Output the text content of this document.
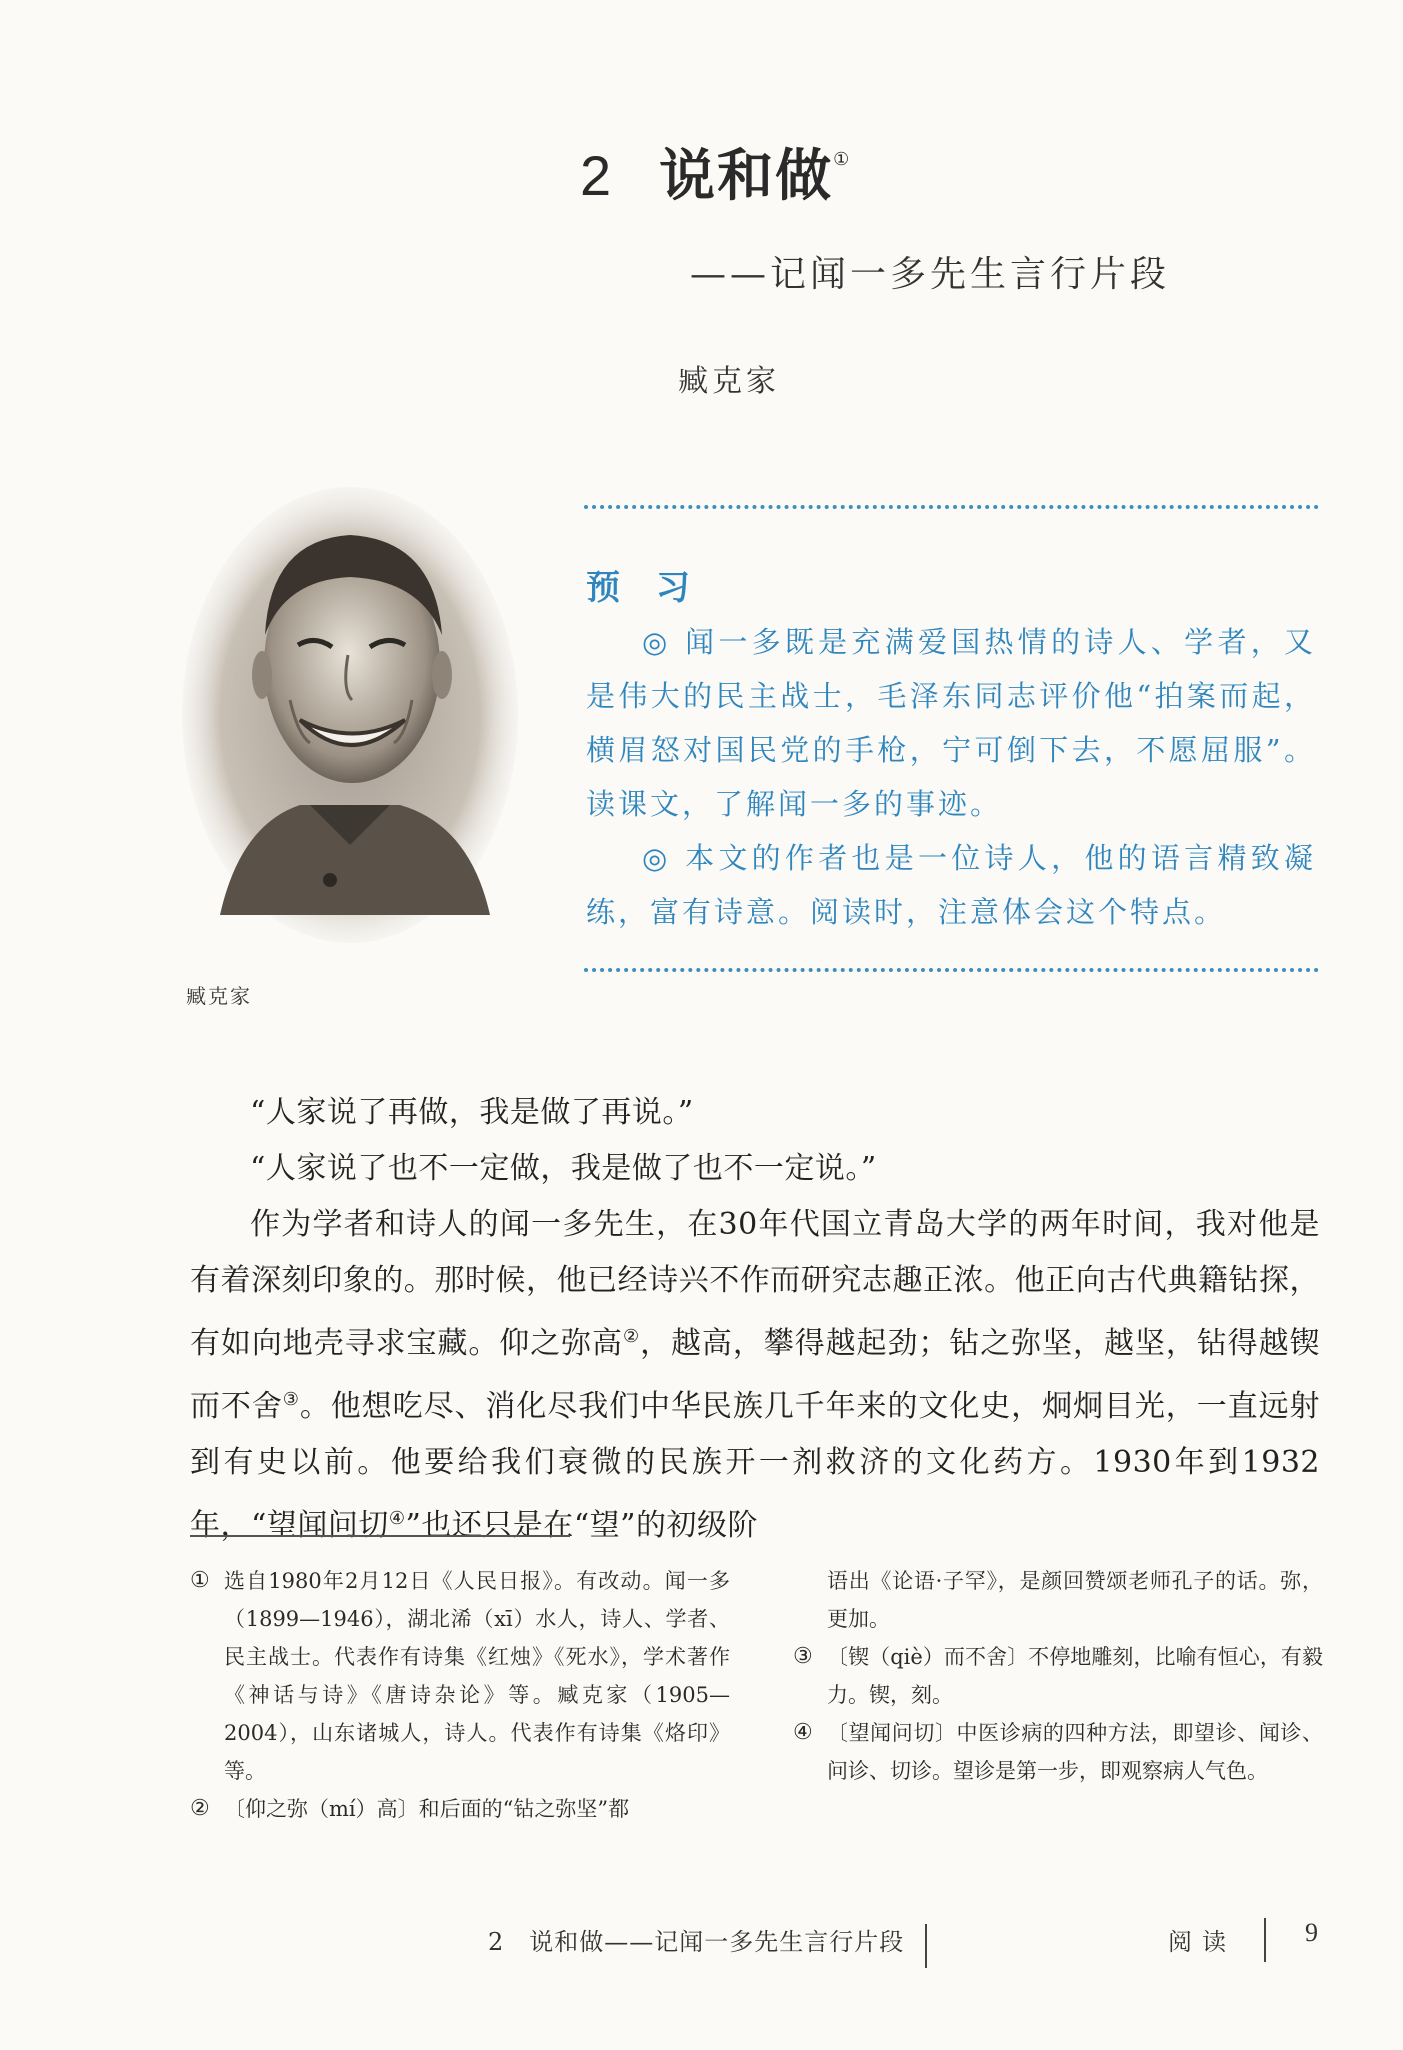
2 说和做①
——记闻一多先生言行片段
臧克家
臧克家
预 习

◎ 闻一多既是充满爱国热情的诗人、学者，又是伟大的民主战士，毛泽东同志评价他“拍案而起，横眉怒对国民党的手枪，宁可倒下去，不愿屈服”。读课文，了解闻一多的事迹。

◎ 本文的作者也是一位诗人，他的语言精致凝练，富有诗意。阅读时，注意体会这个特点。

“人家说了再做，我是做了再说。”

“人家说了也不一定做，我是做了也不一定说。”

作为学者和诗人的闻一多先生，在30年代国立青岛大学的两年时间，我对他是有着深刻印象的。那时候，他已经诗兴不作而研究志趣正浓。他正向古代典籍钻探，有如向地壳寻求宝藏。仰之弥高②，越高，攀得越起劲；钻之弥坚，越坚，钻得越锲而不舍③。他想吃尽、消化尽我们中华民族几千年来的文化史，炯炯目光，一直远射到有史以前。他要给我们衰微的民族开一剂救济的文化药方。1930年到1932年，“望闻问切④”也还只是在“望”的初级阶

① 选自1980年2月12日《人民日报》。有改动。闻一多（1899—1946），湖北浠（xī）水人，诗人、学者、民主战士。代表作有诗集《红烛》《死水》，学术著作《神话与诗》《唐诗杂论》等。臧克家（1905—2004），山东诸城人，诗人。代表作有诗集《烙印》等。
② 〔仰之弥（mí）高〕和后面的“钻之弥坚”都
语出《论语·子罕》，是颜回赞颂老师孔子的话。弥，更加。
③ 〔锲（qiè）而不舍〕不停地雕刻，比喻有恒心，有毅力。锲，刻。
④ 〔望闻问切〕中医诊病的四种方法，即望诊、闻诊、问诊、切诊。望诊是第一步，即观察病人气色。
2　说和做——记闻一多先生言行片段	阅读	9
